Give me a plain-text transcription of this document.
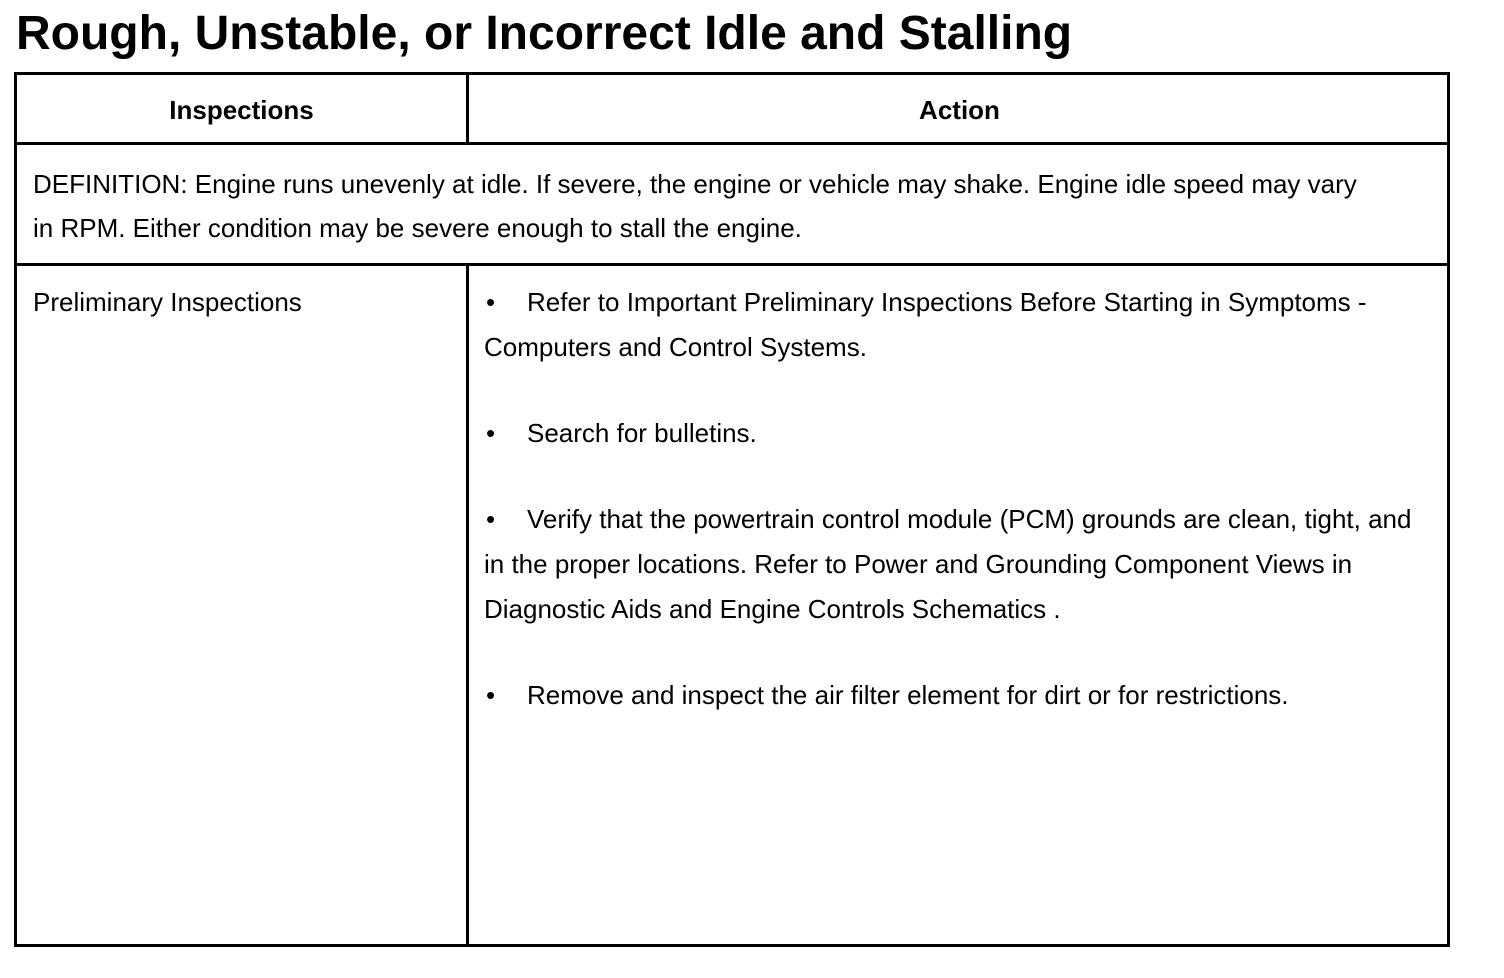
Rough, Unstable, or Incorrect Idle and Stalling
Inspections	Action
DEFINITION: Engine runs unevenly at idle. If severe, the engine or vehicle may shake. Engine idle speed may vary in RPM. Either condition may be severe enough to stall the engine.
Preliminary Inspections	• Refer to Important Preliminary Inspections Before Starting in Symptoms - Computers and Control Systems.
• Search for bulletins.
• Verify that the powertrain control module (PCM) grounds are clean, tight, and in the proper locations. Refer to Power and Grounding Component Views in Diagnostic Aids and Engine Controls Schematics .
• Remove and inspect the air filter element for dirt or for restrictions.
